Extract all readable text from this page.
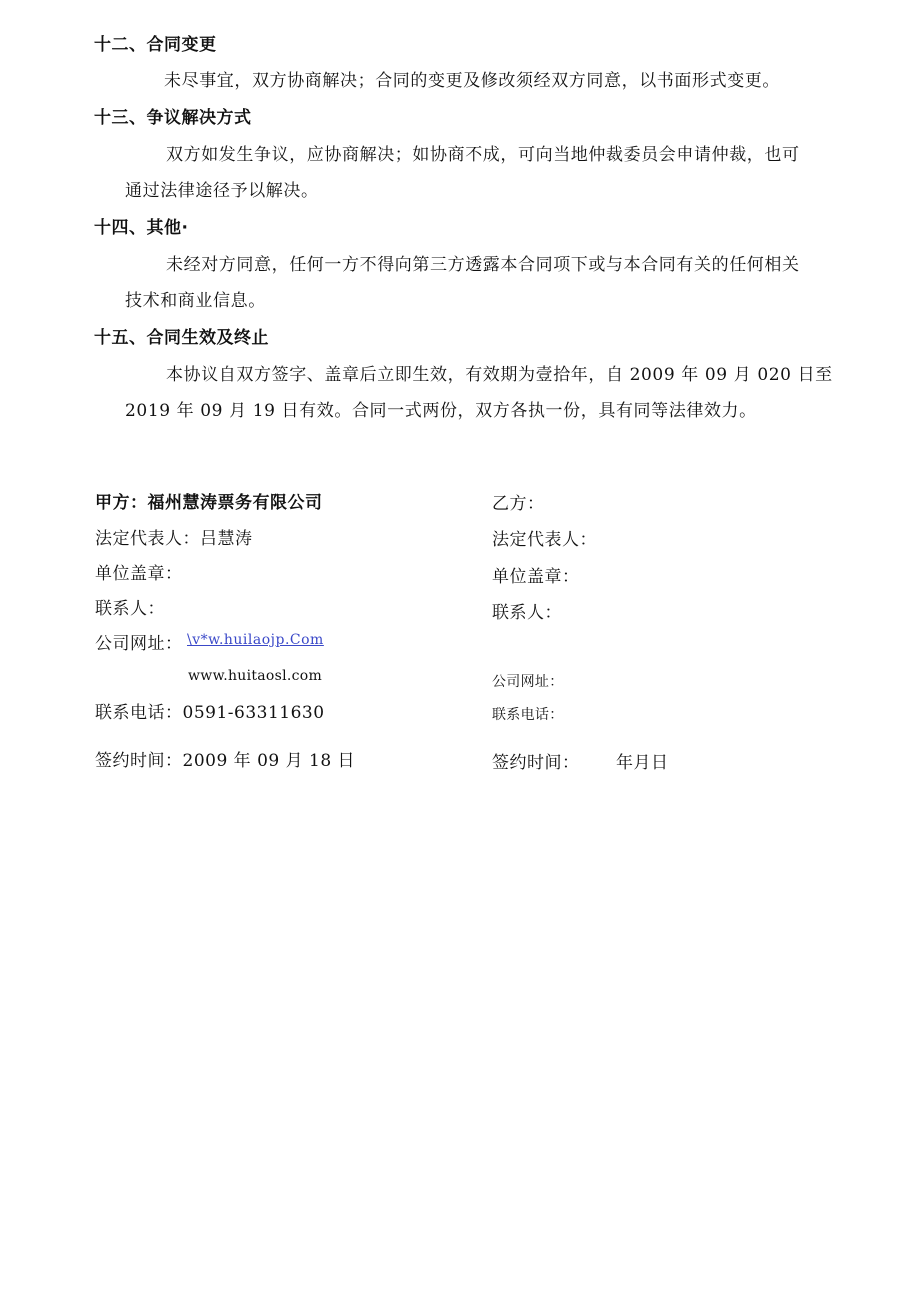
十二、合同变更
未尽事宜，双方协商解决；合同的变更及修改须经双方同意，以书面形式变更。
十三、争议解决方式
双方如发生争议，应协商解决；如协商不成，可向当地仲裁委员会申请仲裁，也可
通过法律途径予以解决。
十四、其他·
未经对方同意，任何一方不得向第三方透露本合同项下或与本合同有关的任何相关
技术和商业信息。
十五、合同生效及终止
本协议自双方签字、盖章后立即生效，有效期为壹拾年，自 2009 年 09 月 020 日至
2019 年 09 月 19 日有效。合同一式两份，双方各执一份，具有同等法律效力。
甲方：福州慧涛票务有限公司
法定代表人：吕慧涛
单位盖章：
联系人：
公司网址： \v*w.huilaojp.Com
www.huitaosl.com
联系电话：0591-63311630
签约时间：2009 年 09 月 18 日
乙方：
法定代表人：
单位盖章：
联系人：
公司网址：
联系电话：
签约时间： 年月日
